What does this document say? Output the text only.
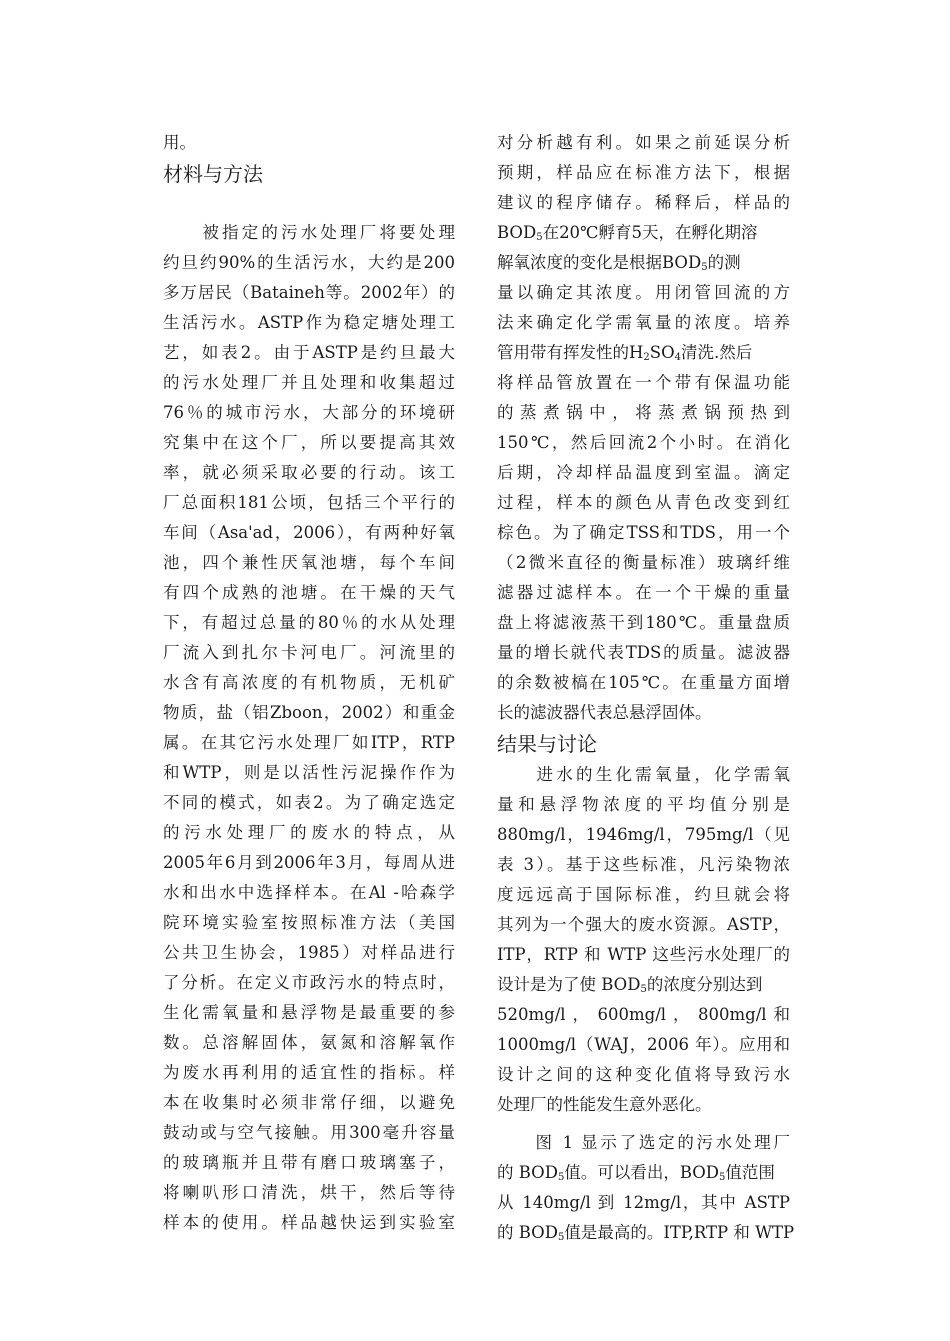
用。
材料与方法
　　被指定的污水处理厂将要处理
约旦约90%的生活污水，大约是200
多万居民（Bataineh等。2002年）的
生活污水。ASTP作为稳定塘处理工
艺，如表2。由于ASTP是约旦最大
的污水处理厂并且处理和收集超过
76％的城市污水，大部分的环境研
究集中在这个厂，所以要提高其效
率，就必须采取必要的行动。该工
厂总面积181公顷，包括三个平行的
车间（Asa'ad，2006），有两种好氧
池，四个兼性厌氧池塘，每个车间
有四个成熟的池塘。在干燥的天气
下，有超过总量的80％的水从处理
厂流入到扎尔卡河电厂。河流里的
水含有高浓度的有机物质，无机矿
物质，盐（铝Zboon，2002）和重金
属。在其它污水处理厂如ITP，RTP
和WTP，则是以活性污泥操作作为
不同的模式，如表2。为了确定选定
的污水处理厂的废水的特点，从
2005年6月到2006年3月，每周从进
水和出水中选择样本。在Al -哈森学
院环境实验室按照标准方法（美国
公共卫生协会，1985）对样品进行
了分析。在定义市政污水的特点时，
生化需氧量和悬浮物是最重要的参
数。总溶解固体，氨氮和溶解氧作
为废水再利用的适宜性的指标。样
本在收集时必须非常仔细，以避免
鼓动或与空气接触。用300毫升容量
的玻璃瓶并且带有磨口玻璃塞子，
将喇叭形口清洗，烘干，然后等待
样本的使用。样品越快运到实验室
对分析越有利。如果之前延误分析
预期，样品应在标准方法下，根据
建议的程序储存。稀释后，样品的
$BOD_5$在20℃孵育5天，在孵化期溶
解氧浓度的变化是根据$BOD_5$的测
量以确定其浓度。用闭管回流的方
法来确定化学需氧量的浓度。培养
管用带有挥发性的$H_2SO_4$清洗.然后
将样品管放置在一个带有保温功能
的蒸煮锅中，将蒸煮锅预热到
150℃，然后回流2个小时。在消化
后期，冷却样品温度到室温。滴定
过程，样本的颜色从青色改变到红
棕色。为了确定TSS和TDS，用一个
（2微米直径的衡量标准）玻璃纤维
滤器过滤样本。在一个干燥的重量
盘上将滤液蒸干到180℃。重量盘质
量的增长就代表TDS的质量。滤波器
的余数被槁在105℃。在重量方面增
长的滤波器代表总悬浮固体。
结果与讨论
　　进水的生化需氧量，化学需氧
量和悬浮物浓度的平均值分别是
880mg/l，1946mg/l，795mg/l（见
表 3）。基于这些标准，凡污染物浓
度远远高于国际标准，约旦就会将
其列为一个强大的废水资源。ASTP，
ITP，RTP 和 WTP 这些污水处理厂的
设计是为了使 $BOD_5$的浓度分别达到
520mg/l ， 600mg/l ， 800mg/l 和
1000mg/l（WAJ，2006 年）。应用和
设计之间的这种变化值将导致污水
处理厂的性能发生意外恶化。
　　图 1 显示了选定的污水处理厂
的 $BOD_5$值。可以看出，$BOD_5$值范围
从 140mg/l 到 12mg/l，其中 ASTP
的 $BOD_5$值是最高的。ITP,RTP 和 WTP
